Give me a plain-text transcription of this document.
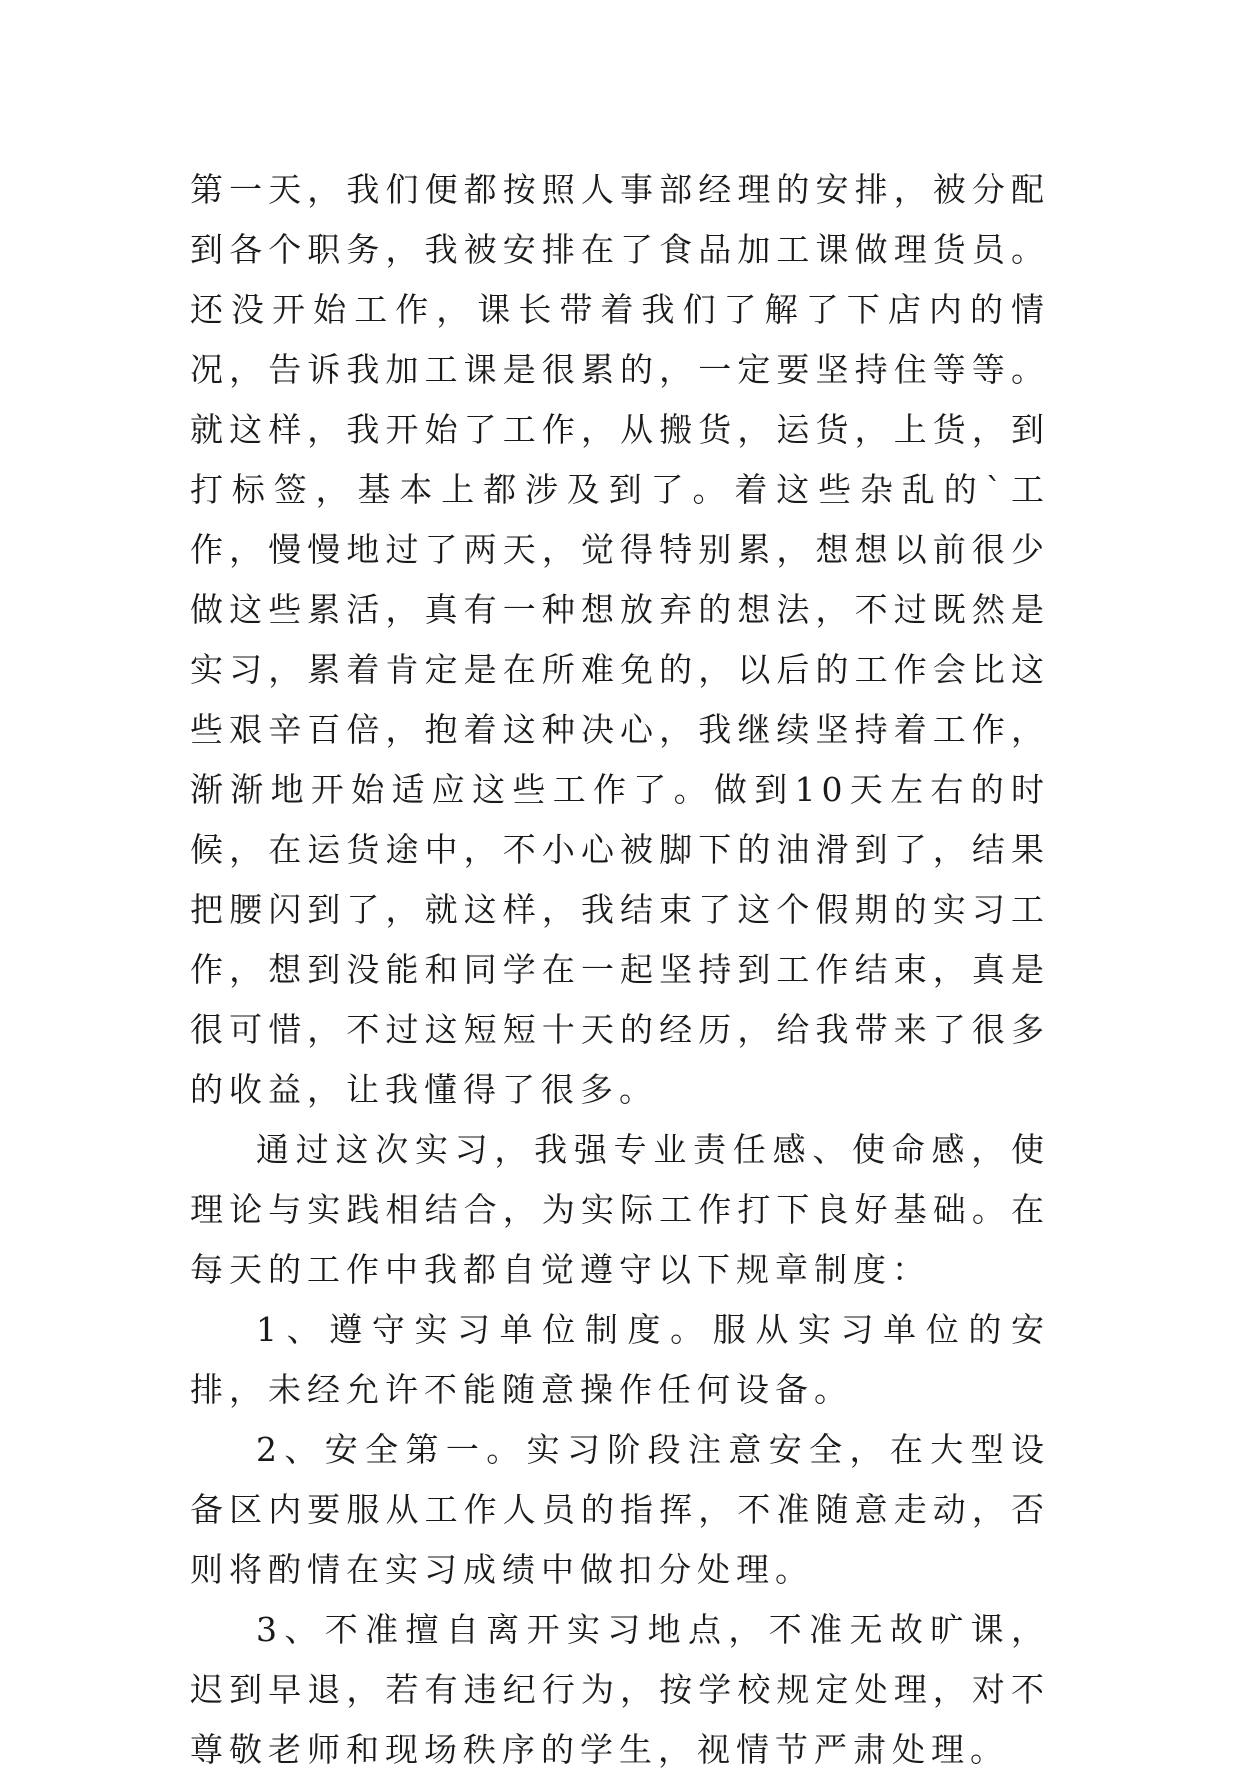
第一天，我们便都按照人事部经理的安排，被分配到各个职务，我被安排在了食品加工课做理货员。还没开始工作，课长带着我们了解了下店内的情况，告诉我加工课是很累的，一定要坚持住等等。就这样，我开始了工作，从搬货，运货，上货，到打标签，基本上都涉及到了。着这些杂乱的`工作，慢慢地过了两天，觉得特别累，想想以前很少做这些累活，真有一种想放弃的想法，不过既然是实习，累着肯定是在所难免的，以后的工作会比这些艰辛百倍，抱着这种决心，我继续坚持着工作，渐渐地开始适应这些工作了。做到10天左右的时候，在运货途中，不小心被脚下的油滑到了，结果把腰闪到了，就这样，我结束了这个假期的实习工作，想到没能和同学在一起坚持到工作结束，真是很可惜，不过这短短十天的经历，给我带来了很多的收益，让我懂得了很多。

通过这次实习，我强专业责任感、使命感，使理论与实践相结合，为实际工作打下良好基础。在每天的工作中我都自觉遵守以下规章制度：

1、遵守实习单位制度。服从实习单位的安排，未经允许不能随意操作任何设备。

2、安全第一。实习阶段注意安全，在大型设备区内要服从工作人员的指挥，不准随意走动，否则将酌情在实习成绩中做扣分处理。

3、不准擅自离开实习地点，不准无故旷课，迟到早退，若有违纪行为，按学校规定处理，对不尊敬老师和现场秩序的学生，视情节严肃处理。
